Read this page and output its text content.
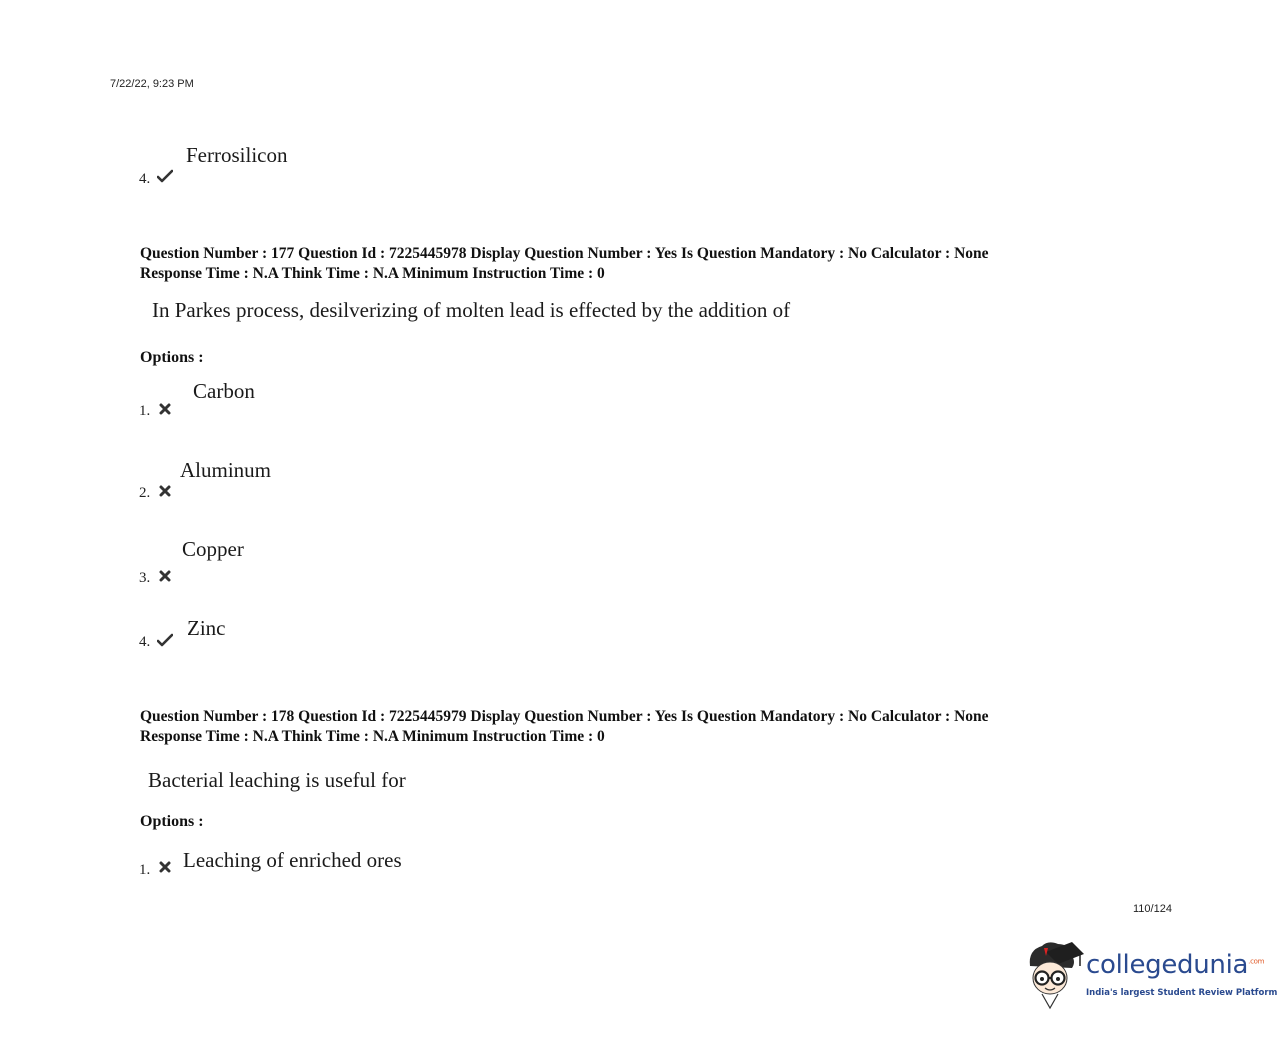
7/22/22, 9:23 PM
Ferrosilicon
4.
Question Number : 177 Question Id : 7225445978 Display Question Number : Yes Is Question Mandatory : No Calculator : None
Response Time : N.A Think Time : N.A Minimum Instruction Time : 0
In Parkes process, desilverizing of molten lead is effected by the addition of
Options :
Carbon
1.
Aluminum
2.
Copper
3.
Zinc
4.
Question Number : 178 Question Id : 7225445979 Display Question Number : Yes Is Question Mandatory : No Calculator : None
Response Time : N.A Think Time : N.A Minimum Instruction Time : 0
Bacterial leaching is useful for
Options :
1. Leaching of enriched ores
110/124
collegedunia$^{.com}$
India's largest Student Review Platform
